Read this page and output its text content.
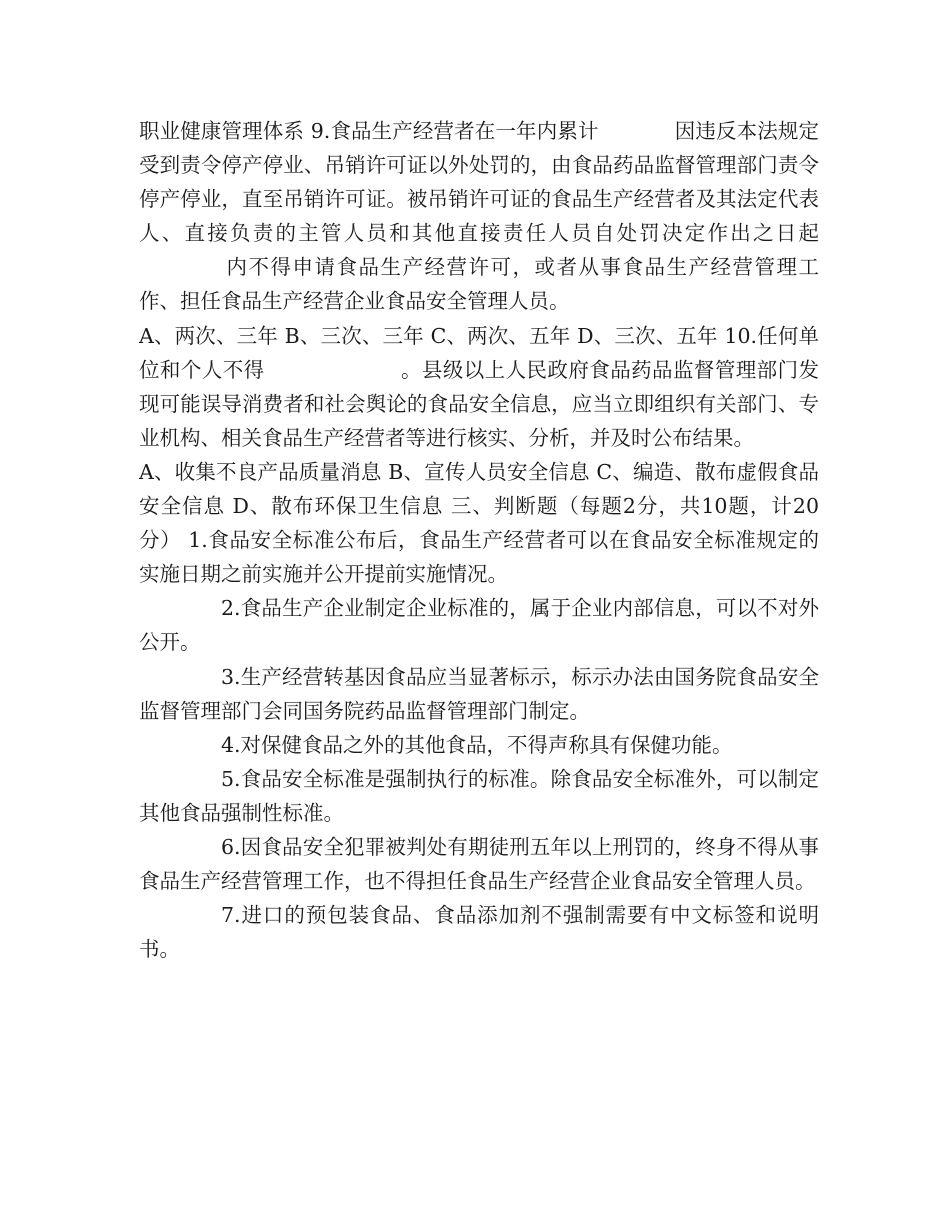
职业健康管理体系 9.食品生产经营者在一年内累计	因违反本法规定受到责令停产停业、吊销许可证以外处罚的，由食品药品监督管理部门责令停产停业，直至吊销许可证。被吊销许可证的食品生产经营者及其法定代表人、直接负责的主管人员和其他直接责任人员自处罚决定作出之日起 内不得申请食品生产经营许可，或者从事食品生产经营管理工作、担任食品生产经营企业食品安全管理人员。

A、两次、三年 B、三次、三年 C、两次、五年 D、三次、五年 10.任何单位和个人不得	。县级以上人民政府食品药品监督管理部门发现可能误导消费者和社会舆论的食品安全信息，应当立即组织有关部门、专业机构、相关食品生产经营者等进行核实、分析，并及时公布结果。

A、收集不良产品质量消息 B、宣传人员安全信息 C、编造、散布虚假食品安全信息 D、散布环保卫生信息 三、判断题（每题2分，共10题，计20分） 1.食品安全标准公布后，食品生产经营者可以在食品安全标准规定的实施日期之前实施并公开提前实施情况。

2.食品生产企业制定企业标准的，属于企业内部信息，可以不对外公开。

3.生产经营转基因食品应当显著标示，标示办法由国务院食品安全监督管理部门会同国务院药品监督管理部门制定。

4.对保健食品之外的其他食品，不得声称具有保健功能。

5.食品安全标准是强制执行的标准。除食品安全标准外，可以制定其他食品强制性标准。

6.因食品安全犯罪被判处有期徒刑五年以上刑罚的，终身不得从事食品生产经营管理工作，也不得担任食品生产经营企业食品安全管理人员。

7.进口的预包装食品、食品添加剂不强制需要有中文标签和说明书。
